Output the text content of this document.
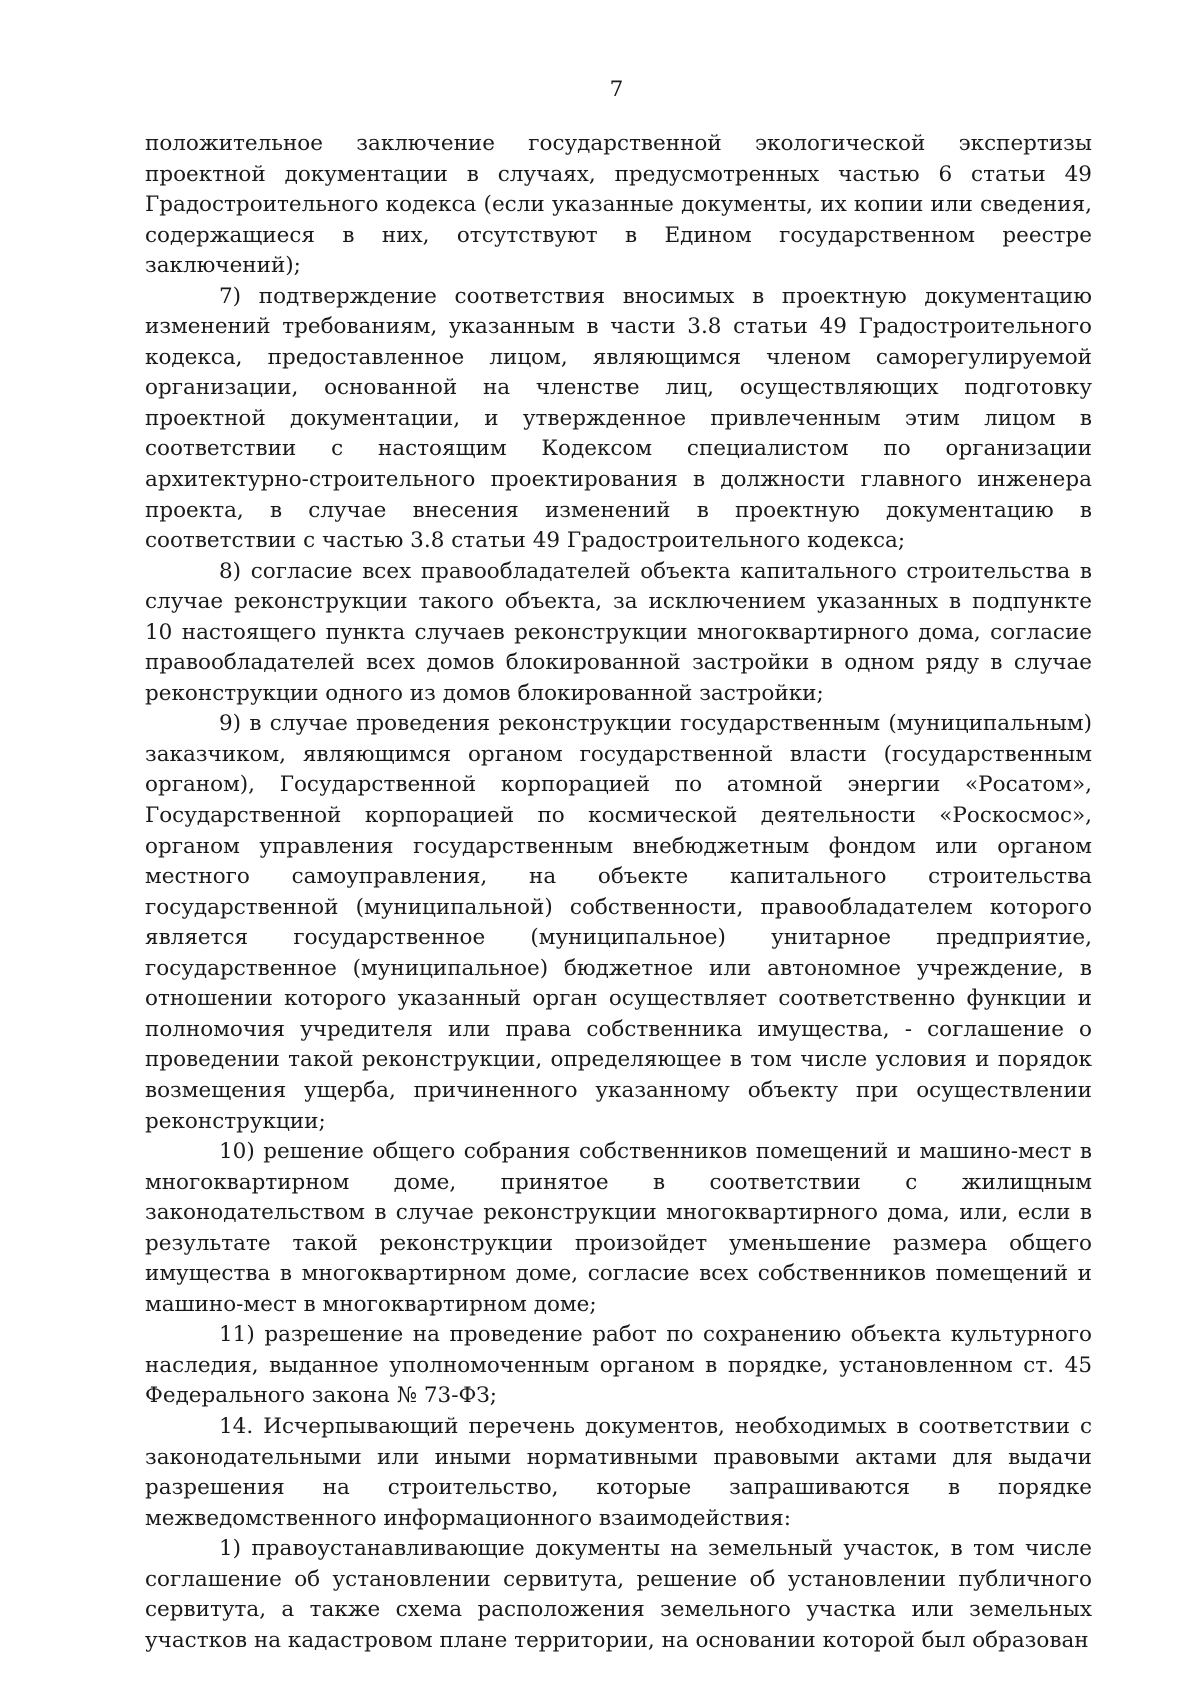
7

положительное заключение государственной экологической экспертизы проектной документации в случаях, предусмотренных частью 6 статьи 49 Градостроительного кодекса (если указанные документы, их копии или сведения, содержащиеся в них, отсутствуют в Едином государственном реестре заключений);

7) подтверждение соответствия вносимых в проектную документацию изменений требованиям, указанным в части 3.8 статьи 49 Градостроительного кодекса, предоставленное лицом, являющимся членом саморегулируемой организации, основанной на членстве лиц, осуществляющих подготовку проектной документации, и утвержденное привлеченным этим лицом в соответствии с настоящим Кодексом специалистом по организации архитектурно-строительного проектирования в должности главного инженера проекта, в случае внесения изменений в проектную документацию в соответствии с частью 3.8 статьи 49 Градостроительного кодекса;

8) согласие всех правообладателей объекта капитального строительства в случае реконструкции такого объекта, за исключением указанных в подпункте 10 настоящего пункта случаев реконструкции многоквартирного дома, согласие правообладателей всех домов блокированной застройки в одном ряду в случае реконструкции одного из домов блокированной застройки;

9) в случае проведения реконструкции государственным (муниципальным) заказчиком, являющимся органом государственной власти (государственным органом), Государственной корпорацией по атомной энергии «Росатом», Государственной корпорацией по космической деятельности «Роскосмос», органом управления государственным внебюджетным фондом или органом местного самоуправления, на объекте капитального строительства государственной (муниципальной) собственности, правообладателем которого является государственное (муниципальное) унитарное предприятие, государственное (муниципальное) бюджетное или автономное учреждение, в отношении которого указанный орган осуществляет соответственно функции и полномочия учредителя или права собственника имущества, - соглашение о проведении такой реконструкции, определяющее в том числе условия и порядок возмещения ущерба, причиненного указанному объекту при осуществлении реконструкции;

10) решение общего собрания собственников помещений и машино-мест в многоквартирном доме, принятое в соответствии с жилищным законодательством в случае реконструкции многоквартирного дома, или, если в результате такой реконструкции произойдет уменьшение размера общего имущества в многоквартирном доме, согласие всех собственников помещений и машино-мест в многоквартирном доме;

11) разрешение на проведение работ по сохранению объекта культурного наследия, выданное уполномоченным органом в порядке, установленном ст. 45 Федерального закона № 73-ФЗ;

14. Исчерпывающий перечень документов, необходимых в соответствии с законодательными или иными нормативными правовыми актами для выдачи разрешения на строительство, которые запрашиваются в порядке межведомственного информационного взаимодействия:

1) правоустанавливающие документы на земельный участок, в том числе соглашение об установлении сервитута, решение об установлении публичного сервитута, а также схема расположения земельного участка или земельных участков на кадастровом плане территории, на основании которой был образован
